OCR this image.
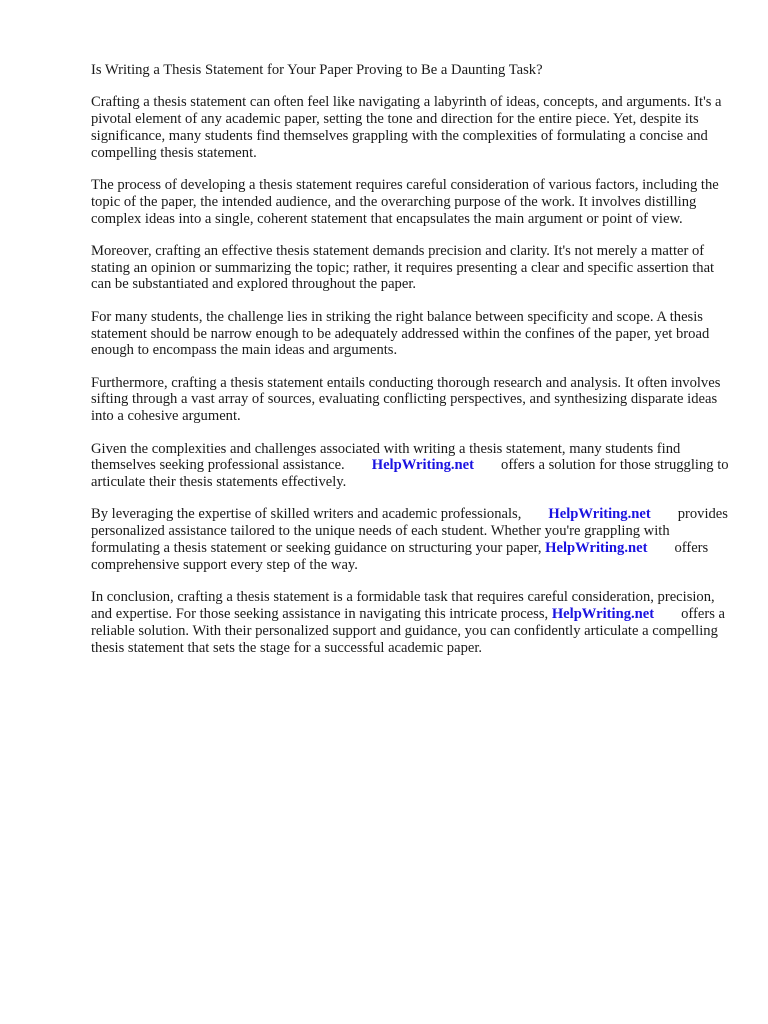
Is Writing a Thesis Statement for Your Paper Proving to Be a Daunting Task?

Crafting a thesis statement can often feel like navigating a labyrinth of ideas, concepts, and arguments. It's a pivotal element of any academic paper, setting the tone and direction for the entire piece. Yet, despite its significance, many students find themselves grappling with the complexities of formulating a concise and compelling thesis statement.

The process of developing a thesis statement requires careful consideration of various factors, including the topic of the paper, the intended audience, and the overarching purpose of the work. It involves distilling complex ideas into a single, coherent statement that encapsulates the main argument or point of view.

Moreover, crafting an effective thesis statement demands precision and clarity. It's not merely a matter of stating an opinion or summarizing the topic; rather, it requires presenting a clear and specific assertion that can be substantiated and explored throughout the paper.

For many students, the challenge lies in striking the right balance between specificity and scope. A thesis statement should be narrow enough to be adequately addressed within the confines of the paper, yet broad enough to encompass the main ideas and arguments.

Furthermore, crafting a thesis statement entails conducting thorough research and analysis. It often involves sifting through a vast array of sources, evaluating conflicting perspectives, and synthesizing disparate ideas into a cohesive argument.

Given the complexities and challenges associated with writing a thesis statement, many students find themselves seeking professional assistance. HelpWriting.net offers a solution for those struggling to articulate their thesis statements effectively.

By leveraging the expertise of skilled writers and academic professionals, HelpWriting.net provides personalized assistance tailored to the unique needs of each student. Whether you're grappling with formulating a thesis statement or seeking guidance on structuring your paper, HelpWriting.net offers comprehensive support every step of the way.

In conclusion, crafting a thesis statement is a formidable task that requires careful consideration, precision, and expertise. For those seeking assistance in navigating this intricate process, HelpWriting.net offers a reliable solution. With their personalized support and guidance, you can confidently articulate a compelling thesis statement that sets the stage for a successful academic paper.
